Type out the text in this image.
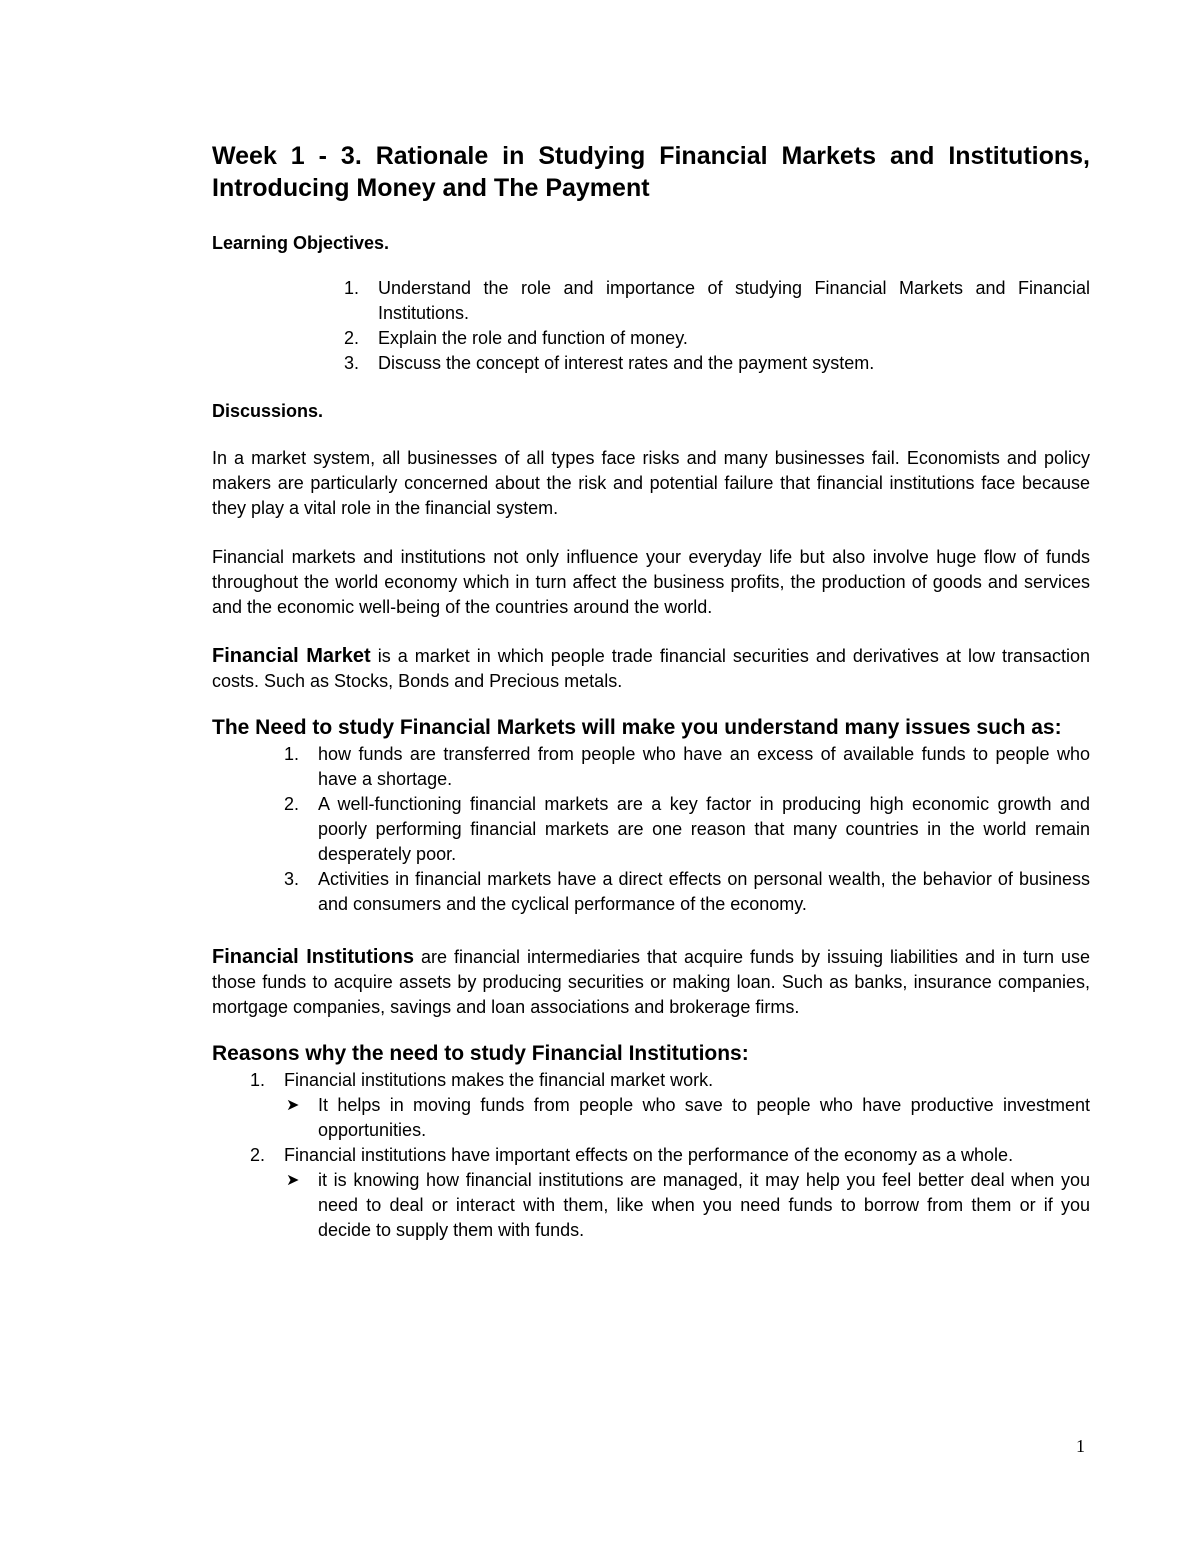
Week 1 - 3. Rationale in Studying Financial Markets and Institutions, Introducing Money and The Payment
Learning Objectives.
1. Understand the role and importance of studying Financial Markets and Financial Institutions.
2. Explain the role and function of money.
3. Discuss the concept of interest rates and the payment system.
Discussions.

In a market system, all businesses of all types face risks and many businesses fail. Economists and policy makers are particularly concerned about the risk and potential failure that financial institutions face because they play a vital role in the financial system.

Financial markets and institutions not only influence your everyday life but also involve huge flow of funds throughout the world economy which in turn affect the business profits, the production of goods and services and the economic well-being of the countries around the world.

Financial Market is a market in which people trade financial securities and derivatives at low transaction costs. Such as Stocks, Bonds and Precious metals.

The Need to study Financial Markets will make you understand many issues such as:
1. how funds are transferred from people who have an excess of available funds to people who have a shortage.
2. A well-functioning financial markets are a key factor in producing high economic growth and poorly performing financial markets are one reason that many countries in the world remain desperately poor.
3. Activities in financial markets have a direct effects on personal wealth, the behavior of business and consumers and the cyclical performance of the economy.

Financial Institutions are financial intermediaries that acquire funds by issuing liabilities and in turn use those funds to acquire assets by producing securities or making loan. Such as banks, insurance companies, mortgage companies, savings and loan associations and brokerage firms.

Reasons why the need to study Financial Institutions:
1. Financial institutions makes the financial market work.
➤ It helps in moving funds from people who save to people who have productive investment opportunities.
2. Financial institutions have important effects on the performance of the economy as a whole.
➤ it is knowing how financial institutions are managed, it may help you feel better deal when you need to deal or interact with them, like when you need funds to borrow from them or if you decide to supply them with funds.
1
